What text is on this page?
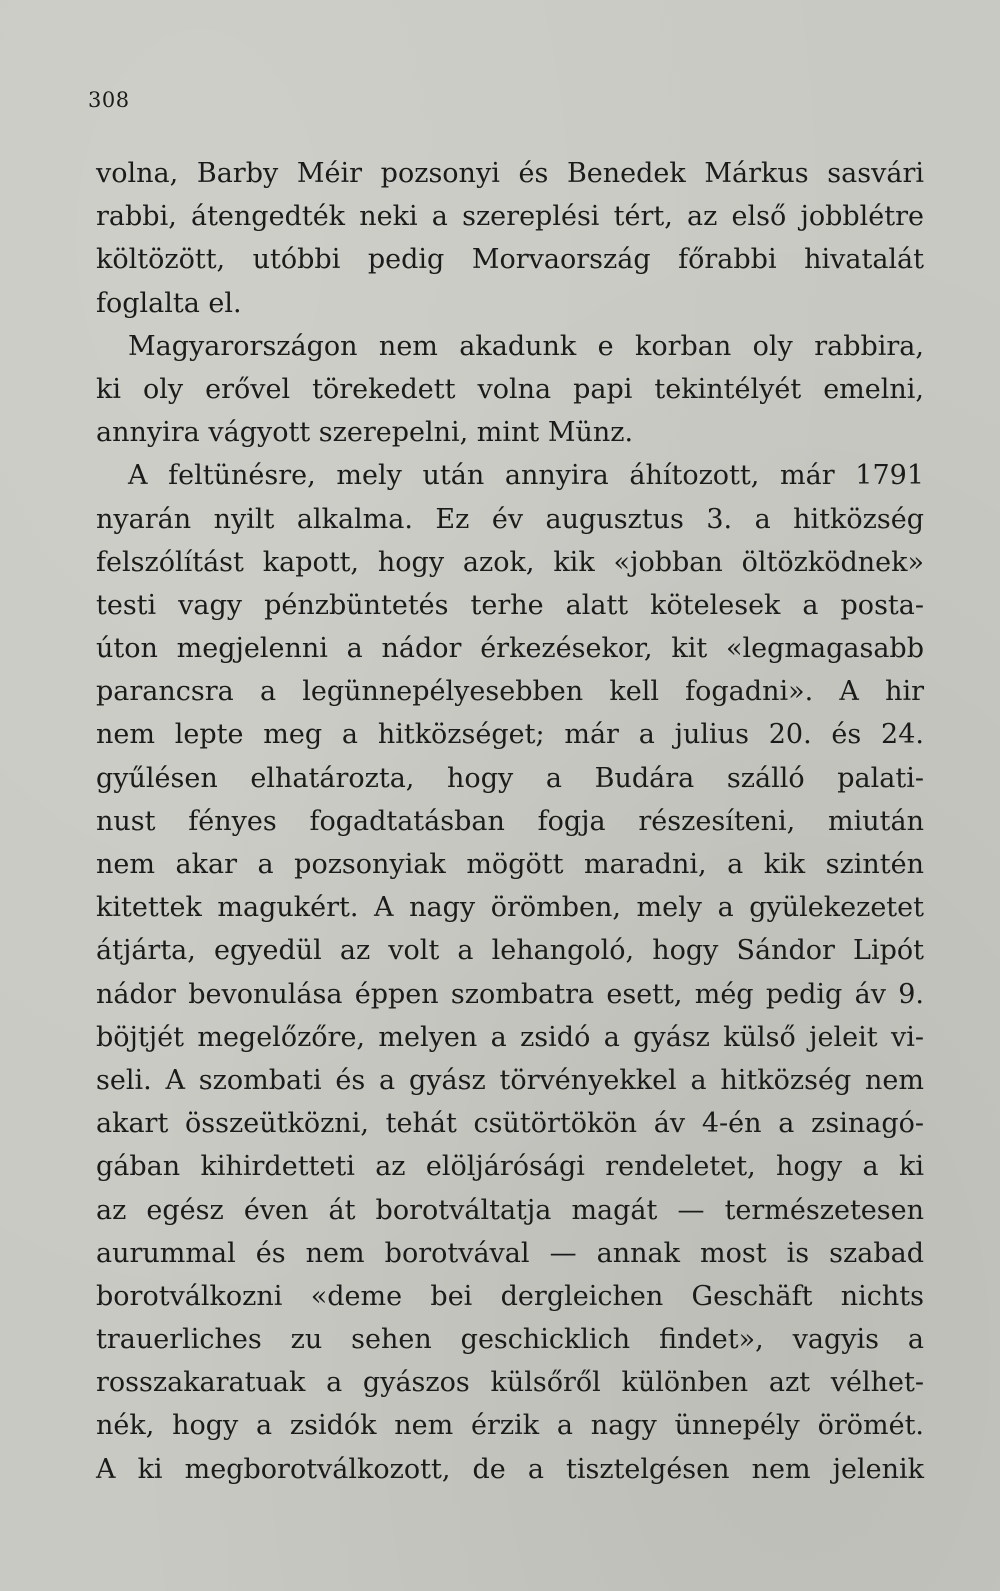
308
volna, Barby Méir pozsonyi és Benedek Márkus sasvári
rabbi, átengedték neki a szereplési tért, az első jobblétre
költözött, utóbbi pedig Morvaország főrabbi hivatalát
foglalta el.
Magyarországon nem akadunk e korban oly rabbira,
ki oly erővel törekedett volna papi tekintélyét emelni,
annyira vágyott szerepelni, mint Münz.
A feltünésre, mely után annyira áhítozott, már 1791
nyarán nyilt alkalma. Ez év augusztus 3. a hitközség
felszólítást kapott, hogy azok, kik «jobban öltözködnek»
testi vagy pénzbüntetés terhe alatt kötelesek a posta-
úton megjelenni a nádor érkezésekor, kit «legmagasabb
parancsra a legünnepélyesebben kell fogadni». A hir
nem lepte meg a hitközséget; már a julius 20. és 24.
gyűlésen elhatározta, hogy a Budára szálló palati-
nust fényes fogadtatásban fogja részesíteni, miután
nem akar a pozsonyiak mögött maradni, a kik szintén
kitettek magukért. A nagy örömben, mely a gyülekezetet
átjárta, egyedül az volt a lehangoló, hogy Sándor Lipót
nádor bevonulása éppen szombatra esett, még pedig áv 9.
böjtjét megelőzőre, melyen a zsidó a gyász külső jeleit vi-
seli. A szombati és a gyász törvényekkel a hitközség nem
akart összeütközni, tehát csütörtökön áv 4-én a zsinagó-
gában kihirdetteti az elöljárósági rendeletet, hogy a ki
az egész éven át borotváltatja magát — természetesen
aurummal és nem borotvával — annak most is szabad
borotválkozni «deme bei dergleichen Geschäft nichts
trauerliches zu sehen geschicklich findet», vagyis a
rosszakaratuak a gyászos külsőről különben azt vélhet-
nék, hogy a zsidók nem érzik a nagy ünnepély örömét.
A ki megborotválkozott, de a tisztelgésen nem jelenik
